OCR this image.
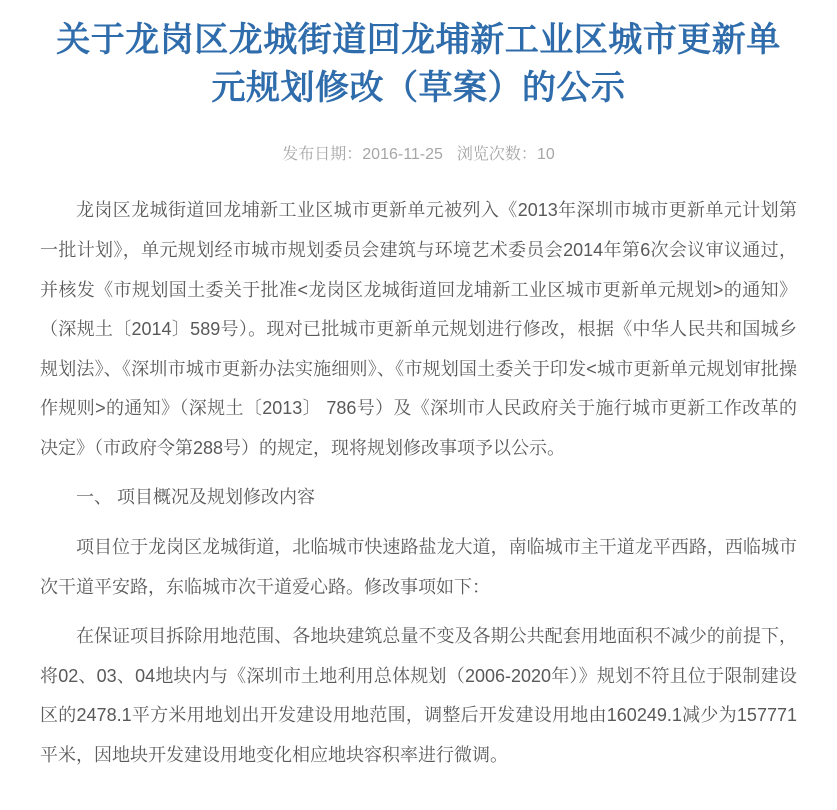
关于龙岗区龙城街道回龙埔新工业区城市更新单元规划修改（草案）的公示
发布日期：2016-11-25 浏览次数：10

龙岗区龙城街道回龙埔新工业区城市更新单元被列入《2013年深圳市城市更新单元计划第一批计划》，单元规划经市城市规划委员会建筑与环境艺术委员会2014年第6次会议审议通过，并核发《市规划国土委关于批准<龙岗区龙城街道回龙埔新工业区城市更新单元规划>的通知》（深规土〔2014〕589号）。现对已批城市更新单元规划进行修改，根据《中华人民共和国城乡规划法》、《深圳市城市更新办法实施细则》、《市规划国土委关于印发<城市更新单元规划审批操作规则>的通知》（深规土〔2013〕 786号）及《深圳市人民政府关于施行城市更新工作改革的决定》（市政府令第288号）的规定，现将规划修改事项予以公示。

一、 项目概况及规划修改内容

项目位于龙岗区龙城街道，北临城市快速路盐龙大道，南临城市主干道龙平西路，西临城市次干道平安路，东临城市次干道爱心路。修改事项如下：

在保证项目拆除用地范围、各地块建筑总量不变及各期公共配套用地面积不减少的前提下，将02、03、04地块内与《深圳市土地利用总体规划（2006-2020年）》规划不符且位于限制建设区的2478.1平方米用地划出开发建设用地范围，调整后开发建设用地由160249.1减少为157771平米，因地块开发建设用地变化相应地块容积率进行微调。
